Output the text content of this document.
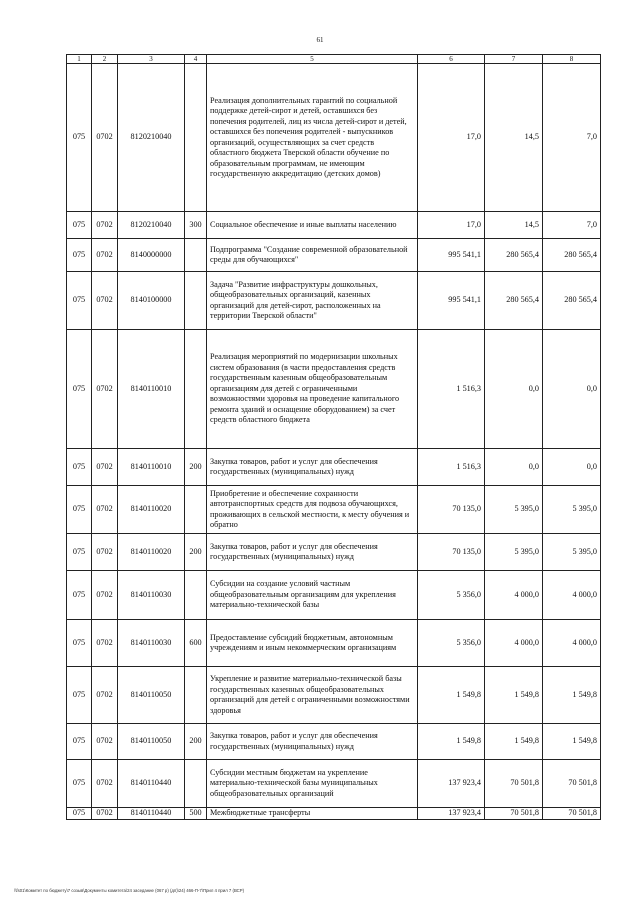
61
1	2	3	4	5	6	7	8
075	0702	8120210040		Реализация дополнительных гарантий по социальной поддержке детей-сирот и детей, оставшихся без попечения родителей, лиц из числа детей-сирот и детей, оставшихся без попечения родителей - выпускников организаций, осуществляющих за счет средств областного бюджета Тверской области обучение по образовательным программам, не имеющим государственную аккредитацию (детских домов)	17,0	14,5	7,0
075	0702	8120210040	300	Социальное обеспечение и иные выплаты населению	17,0	14,5	7,0
075	0702	8140000000		Подпрограмма "Создание современной образовательной среды для обучающихся"	995 541,1	280 565,4	280 565,4
075	0702	8140100000		Задача "Развитие инфраструктуры дошкольных, общеобразовательных организаций, казенных организаций для детей-сирот, расположенных на территории Тверской области"	995 541,1	280 565,4	280 565,4
075	0702	8140110010		Реализация мероприятий по модернизации школьных систем образования (в части предоставления средств государственным казенным общеобразовательным организациям для детей с ограниченными возможностями здоровья на проведение капитального ремонта зданий и оснащение оборудованием) за счет средств областного бюджета	1 516,3	0,0	0,0
075	0702	8140110010	200	Закупка товаров, работ и услуг для обеспечения государственных (муниципальных) нужд	1 516,3	0,0	0,0
075	0702	8140110020		Приобретение и обеспечение сохранности автотранспортных средств для подвоза обучающихся, проживающих в сельской местности, к месту обучения и обратно	70 135,0	5 395,0	5 395,0
075	0702	8140110020	200	Закупка товаров, работ и услуг для обеспечения государственных (муниципальных) нужд	70 135,0	5 395,0	5 395,0
075	0702	8140110030		Субсидии на создание условий частным общеобразовательным организациям для укрепления материально-технической базы	5 356,0	4 000,0	4 000,0
075	0702	8140110030	600	Предоставление субсидий бюджетным, автономным учреждениям и иным некоммерческим организациям	5 356,0	4 000,0	4 000,0
075	0702	8140110050		Укрепление и развитие материально-технической базы государственных казенных общеобразовательных организаций для детей с ограниченными возможностями здоровья	1 549,8	1 549,8	1 549,8
075	0702	8140110050	200	Закупка товаров, работ и услуг для обеспечения государственных (муниципальных) нужд	1 549,8	1 549,8	1 549,8
075	0702	8140110440		Субсидии местным бюджетам на укрепление материально-технической базы муниципальных общеобразовательных организаций	137 923,4	70 501,8	70 501,8
075	0702	8140110440	500	Межбюджетные трансферты	137 923,4	70 501,8	70 501,8
\\fs01\Комитет по бюджету\7 созыв\Документы комитета\24 заседание (067 р) (дп)\24) 466-П-7\Прил 4 прил 7 (ВСР)
